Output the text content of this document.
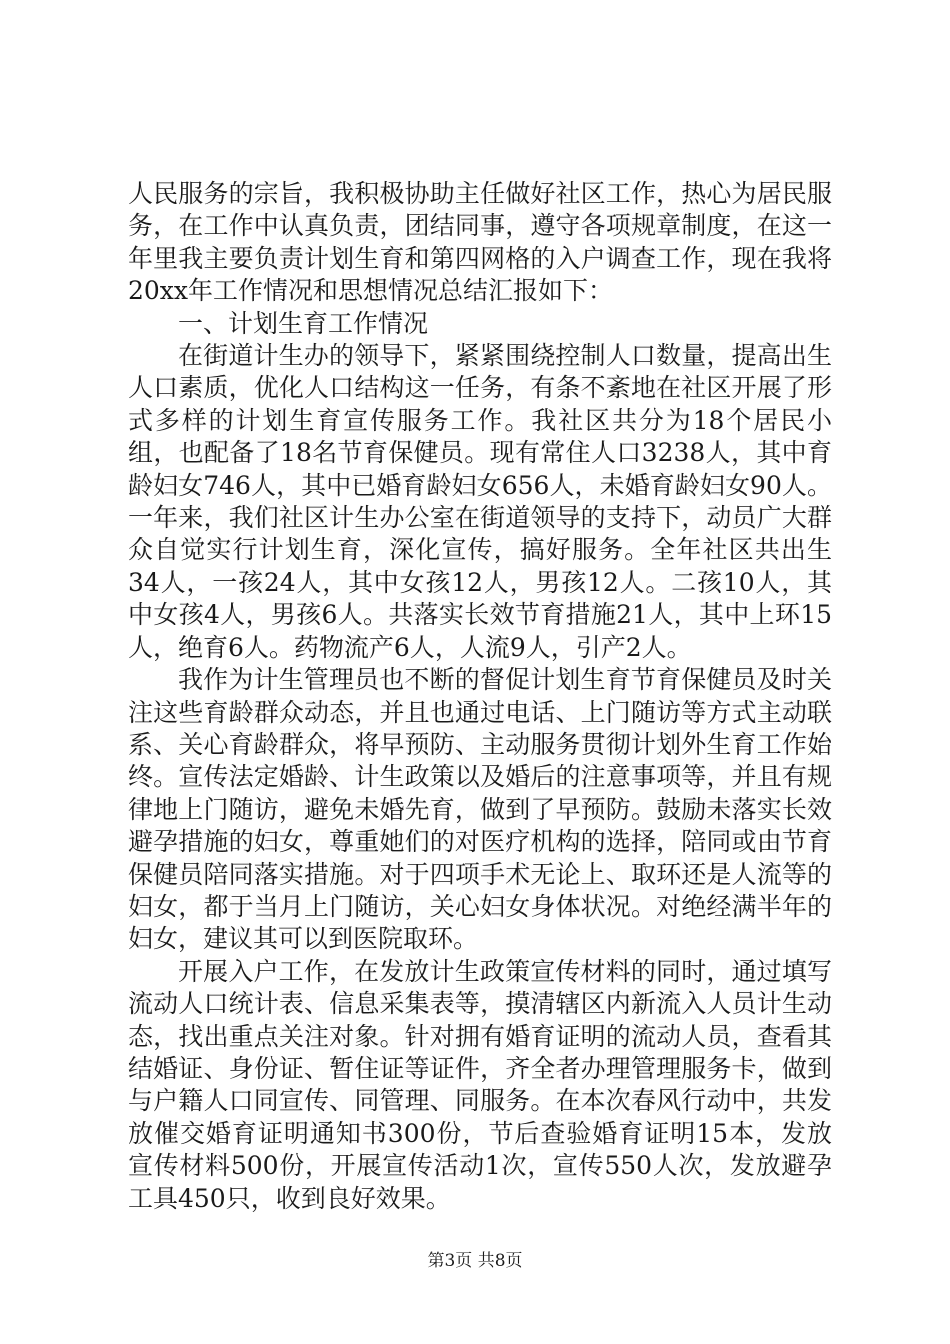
人民服务的宗旨，我积极协助主任做好社区工作，热心为居民服务，在工作中认真负责，团结同事，遵守各项规章制度，在这一年里我主要负责计划生育和第四网格的入户调查工作，现在我将20xx年工作情况和思想情况总结汇报如下：

一、计划生育工作情况

在街道计生办的领导下，紧紧围绕控制人口数量，提高出生人口素质，优化人口结构这一任务，有条不紊地在社区开展了形式多样的计划生育宣传服务工作。我社区共分为18个居民小组，也配备了18名节育保健员。现有常住人口3238人，其中育龄妇女746人，其中已婚育龄妇女656人，未婚育龄妇女90人。一年来，我们社区计生办公室在街道领导的支持下，动员广大群众自觉实行计划生育，深化宣传，搞好服务。全年社区共出生34人，一孩24人，其中女孩12人，男孩12人。二孩10人，其中女孩4人，男孩6人。共落实长效节育措施21人，其中上环15人，绝育6人。药物流产6人，人流9人，引产2人。

我作为计生管理员也不断的督促计划生育节育保健员及时关注这些育龄群众动态，并且也通过电话、上门随访等方式主动联系、关心育龄群众，将早预防、主动服务贯彻计划外生育工作始终。宣传法定婚龄、计生政策以及婚后的注意事项等，并且有规律地上门随访，避免未婚先育，做到了早预防。鼓励未落实长效避孕措施的妇女，尊重她们的对医疗机构的选择，陪同或由节育保健员陪同落实措施。对于四项手术无论上、取环还是人流等的妇女，都于当月上门随访，关心妇女身体状况。对绝经满半年的妇女，建议其可以到医院取环。

开展入户工作，在发放计生政策宣传材料的同时，通过填写流动人口统计表、信息采集表等，摸清辖区内新流入人员计生动态，找出重点关注对象。针对拥有婚育证明的流动人员，查看其结婚证、身份证、暂住证等证件，齐全者办理管理服务卡，做到与户籍人口同宣传、同管理、同服务。在本次春风行动中，共发放催交婚育证明通知书300份，节后查验婚育证明15本，发放宣传材料500份，开展宣传活动1次，宣传550人次，发放避孕工具450只，收到良好效果。

第3页 共8页
